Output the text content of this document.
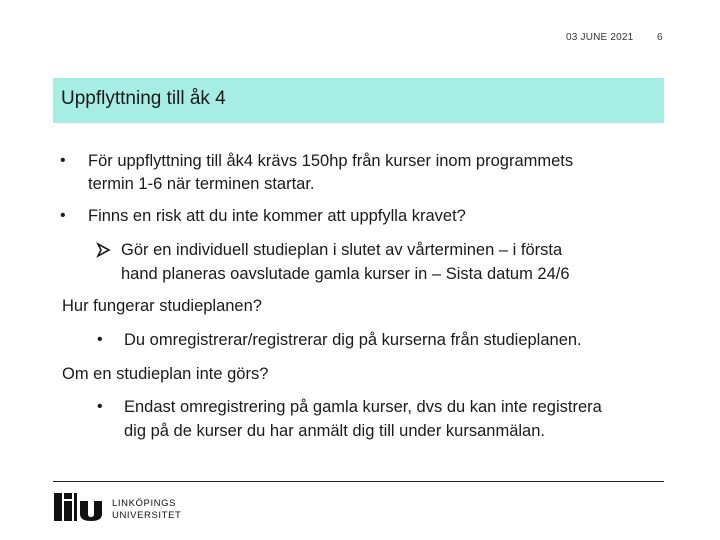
03 JUNE 2021 6
Uppflyttning till åk 4
• För uppflyttning till åk4 krävs 150hp från kurser inom programmets
termin 1-6 när terminen startar.
• Finns en risk att du inte kommer att uppfylla kravet?
Gör en individuell studieplan i slutet av vårterminen – i första
hand planeras oavslutade gamla kurser in – Sista datum 24/6
Hur fungerar studieplanen?
• Du omregistrerar/registrerar dig på kurserna från studieplanen.
Om en studieplan inte görs?
• Endast omregistrering på gamla kurser, dvs du kan inte registrera
dig på de kurser du har anmält dig till under kursanmälan.
LINKÖPINGS
UNIVERSITET
